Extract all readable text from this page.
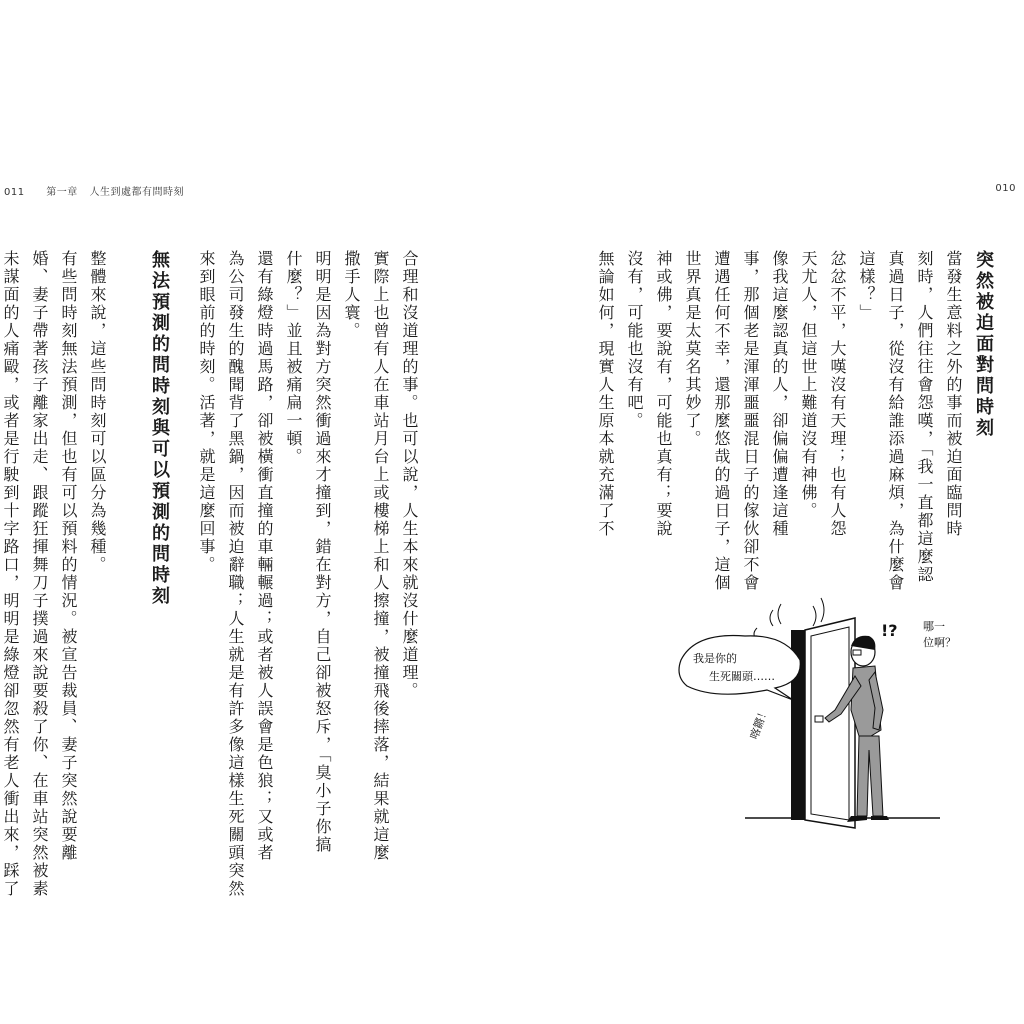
011 第一章 人生到處都有問時刻	010
突然被迫面對問時刻

當發生意料之外的事而被迫面臨問時
刻時，人們往往會怨嘆，「我一直都這麼認
真過日子，從沒有給誰添過麻煩，為什麼會
這樣？」

忿忿不平，大嘆沒有天理；也有人怨
天尤人，但這世上難道沒有神佛。

像我這麼認真的人，卻偏偏遭逢這種
事，那個老是渾渾噩噩混日子的傢伙卻不會
遭遇任何不幸，還那麼悠哉的過日子，這個
世界真是太莫名其妙了。

神或佛，要說有，可能也真有；要說
沒有，可能也沒有吧。

無論如何，現實人生原本就充滿了不

合理和沒道理的事。也可以說，人生本來就沒什麼道理。
實際上也曾有人在車站月台上或樓梯上和人擦撞，被撞飛後摔落，結果就這麼
撒手人寰。

明明是因為對方突然衝過來才撞到，錯在對方，自己卻被怒斥，「臭小子你搞
什麼？」並且被痛扁一頓。

還有綠燈時過馬路，卻被橫衝直撞的車輛輾過；或者被人誤會是色狼；又或者
為公司發生的醜聞背了黑鍋，因而被迫辭職；人生就是有許多像這樣生死關頭突然
來到眼前的時刻。活著，就是這麼回事。

無法預測的問時刻與可以預測的問時刻

整體來說，這些問時刻可以區分為幾種。

有些問時刻無法預測，但也有可以預料的情況。被宣告裁員、妻子突然說要離
婚、妻子帶著孩子離家出走、跟蹤狂揮舞刀子撲過來說要殺了你、在車站突然被素
未謀面的人痛毆，或者是行駛到十字路口，明明是綠燈卻忽然有老人衝出來，踩了	我是你的
生死關頭……
喀鏘！
!? 哪一
位啊？
